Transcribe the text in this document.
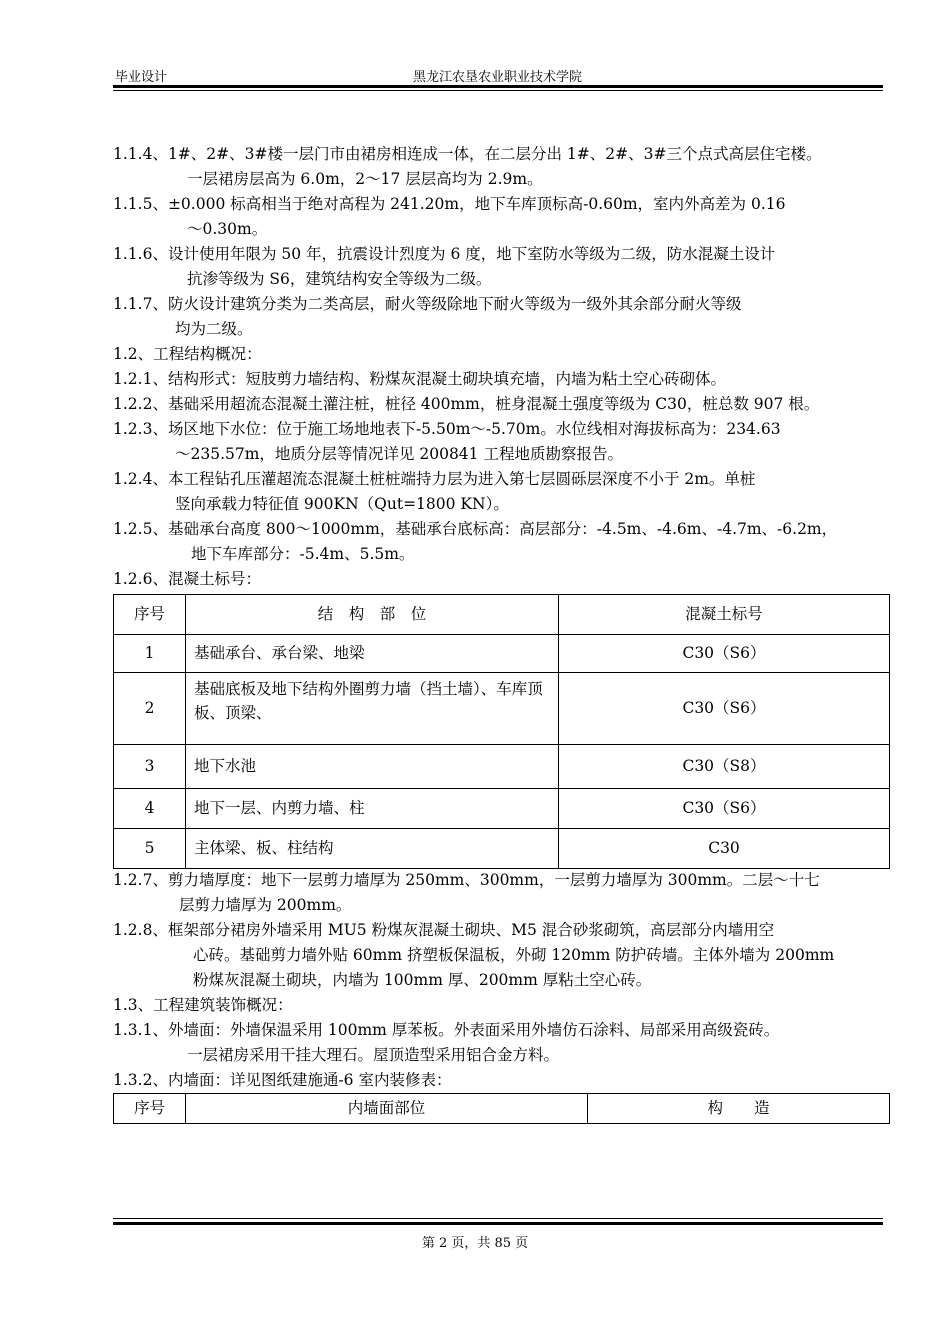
毕业设计	黑龙江农垦农业职业技术学院
1.1.4、1#、2#、3#楼一层门市由裙房相连成一体，在二层分出 1#、2#、3#三个点式高层住宅楼。
一层裙房层高为 6.0m，2～17 层层高均为 2.9m。
1.1.5、±0.000 标高相当于绝对高程为 241.20m，地下车库顶标高-0.60m，室内外高差为 0.16
～0.30m。
1.1.6、设计使用年限为 50 年，抗震设计烈度为 6 度，地下室防水等级为二级，防水混凝土设计
抗渗等级为 S6，建筑结构安全等级为二级。
1.1.7、防火设计建筑分类为二类高层，耐火等级除地下耐火等级为一级外其余部分耐火等级
均为二级。
1.2、工程结构概况：
1.2.1、结构形式：短肢剪力墙结构、粉煤灰混凝土砌块填充墙，内墙为粘土空心砖砌体。
1.2.2、基础采用超流态混凝土灌注桩，桩径 400mm，桩身混凝土强度等级为 C30，桩总数 907 根。
1.2.3、场区地下水位：位于施工场地地表下-5.50m～-5.70m。水位线相对海拔标高为：234.63
～235.57m，地质分层等情况详见 200841 工程地质勘察报告。
1.2.4、本工程钻孔压灌超流态混凝土桩桩端持力层为进入第七层圆砾层深度不小于 2m。单桩
竖向承载力特征值 900KN（Qut=1800 KN）。
1.2.5、基础承台高度 800～1000mm，基础承台底标高：高层部分：-4.5m、-4.6m、-4.7m、-6.2m，
地下车库部分：-5.4m、5.5m。
1.2.6、混凝土标号：
序号	结　构　部　位	混凝土标号
1	基础承台、承台梁、地梁	C30（S6）
2	基础底板及地下结构外圈剪力墙（挡土墙）、车库顶板、顶梁、	C30（S6）
3	地下水池	C30（S8）
4	地下一层、内剪力墙、柱	C30（S6）
5	主体梁、板、柱结构	C30
1.2.7、剪力墙厚度：地下一层剪力墙厚为 250mm、300mm，一层剪力墙厚为 300mm。二层～十七
层剪力墙厚为 200mm。
1.2.8、框架部分裙房外墙采用 MU5 粉煤灰混凝土砌块、M5 混合砂浆砌筑，高层部分内墙用空
心砖。基础剪力墙外贴 60mm 挤塑板保温板，外砌 120mm 防护砖墙。主体外墙为 200mm
粉煤灰混凝土砌块，内墙为 100mm 厚、200mm 厚粘土空心砖。
1.3、工程建筑装饰概况：
1.3.1、外墙面：外墙保温采用 100mm 厚苯板。外表面采用外墙仿石涂料、局部采用高级瓷砖。
一层裙房采用干挂大理石。屋顶造型采用铝合金方料。
1.3.2、内墙面：详见图纸建施通-6 室内装修表：
序号	内墙面部位	构　　造
第 2 页，共 85 页
